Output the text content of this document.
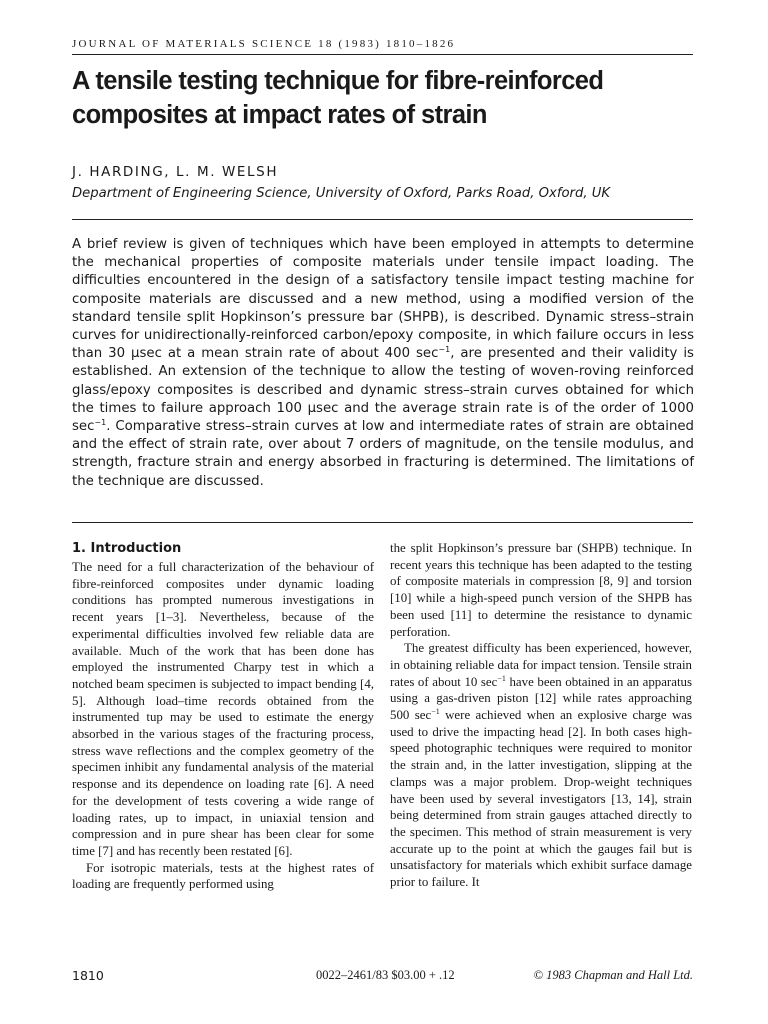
JOURNAL OF MATERIALS SCIENCE 18 (1983) 1810–1826
A tensile testing technique for fibre-reinforced composites at impact rates of strain
J. HARDING, L. M. WELSH
Department of Engineering Science, University of Oxford, Parks Road, Oxford, UK

A brief review is given of techniques which have been employed in attempts to determine the mechanical properties of composite materials under tensile impact loading. The difficulties encountered in the design of a satisfactory tensile impact testing machine for composite materials are discussed and a new method, using a modified version of the standard tensile split Hopkinson’s pressure bar (SHPB), is described. Dynamic stress–strain curves for unidirectionally-reinforced carbon/epoxy composite, in which failure occurs in less than 30 μsec at a mean strain rate of about 400 $\sec^{-1}$, are presented and their validity is established. An extension of the technique to allow the testing of woven-roving reinforced glass/epoxy composites is described and dynamic stress–strain curves obtained for which the times to failure approach 100 μsec and the average strain rate is of the order of 1000 $\sec^{-1}$. Comparative stress–strain curves at low and intermediate rates of strain are obtained and the effect of strain rate, over about 7 orders of magnitude, on the tensile modulus, and strength, fracture strain and energy absorbed in fracturing is determined. The limitations of the technique are discussed.

1. Introduction

The need for a full characterization of the behaviour of fibre-reinforced composites under dynamic loading conditions has prompted numerous investigations in recent years [1–3]. Nevertheless, because of the experimental difficulties involved few reliable data are available. Much of the work that has been done has employed the instrumented Charpy test in which a notched beam specimen is subjected to impact bending [4, 5]. Although load–time records obtained from the instrumented tup may be used to estimate the energy absorbed in the various stages of the fracturing process, stress wave reflections and the complex geometry of the specimen inhibit any fundamental analysis of the material response and its dependence on loading rate [6]. A need for the development of tests covering a wide range of loading rates, up to impact, in uniaxial tension and compression and in pure shear has been clear for some time [7] and has recently been restated [6].

For isotropic materials, tests at the highest rates of loading are frequently performed using

the split Hopkinson’s pressure bar (SHPB) technique. In recent years this technique has been adapted to the testing of composite materials in compression [8, 9] and torsion [10] while a high-speed punch version of the SHPB has been used [11] to determine the resistance to dynamic perforation.

The greatest difficulty has been experienced, however, in obtaining reliable data for impact tension. Tensile strain rates of about 10 $\sec^{-1}$ have been obtained in an apparatus using a gas-driven piston [12] while rates approaching 500 $\sec^{-1}$ were achieved when an explosive charge was used to drive the impacting head [2]. In both cases high-speed photographic techniques were required to monitor the strain and, in the latter investigation, slipping at the clamps was a major problem. Drop-weight techniques have been used by several investigators [13, 14], strain being determined from strain gauges attached directly to the specimen. This method of strain measurement is very accurate up to the point at which the gauges fail but is unsatisfactory for materials which exhibit surface damage prior to failure. It

1810	0022–2461/83 $03.00 + .12	© 1983 Chapman and Hall Ltd.
